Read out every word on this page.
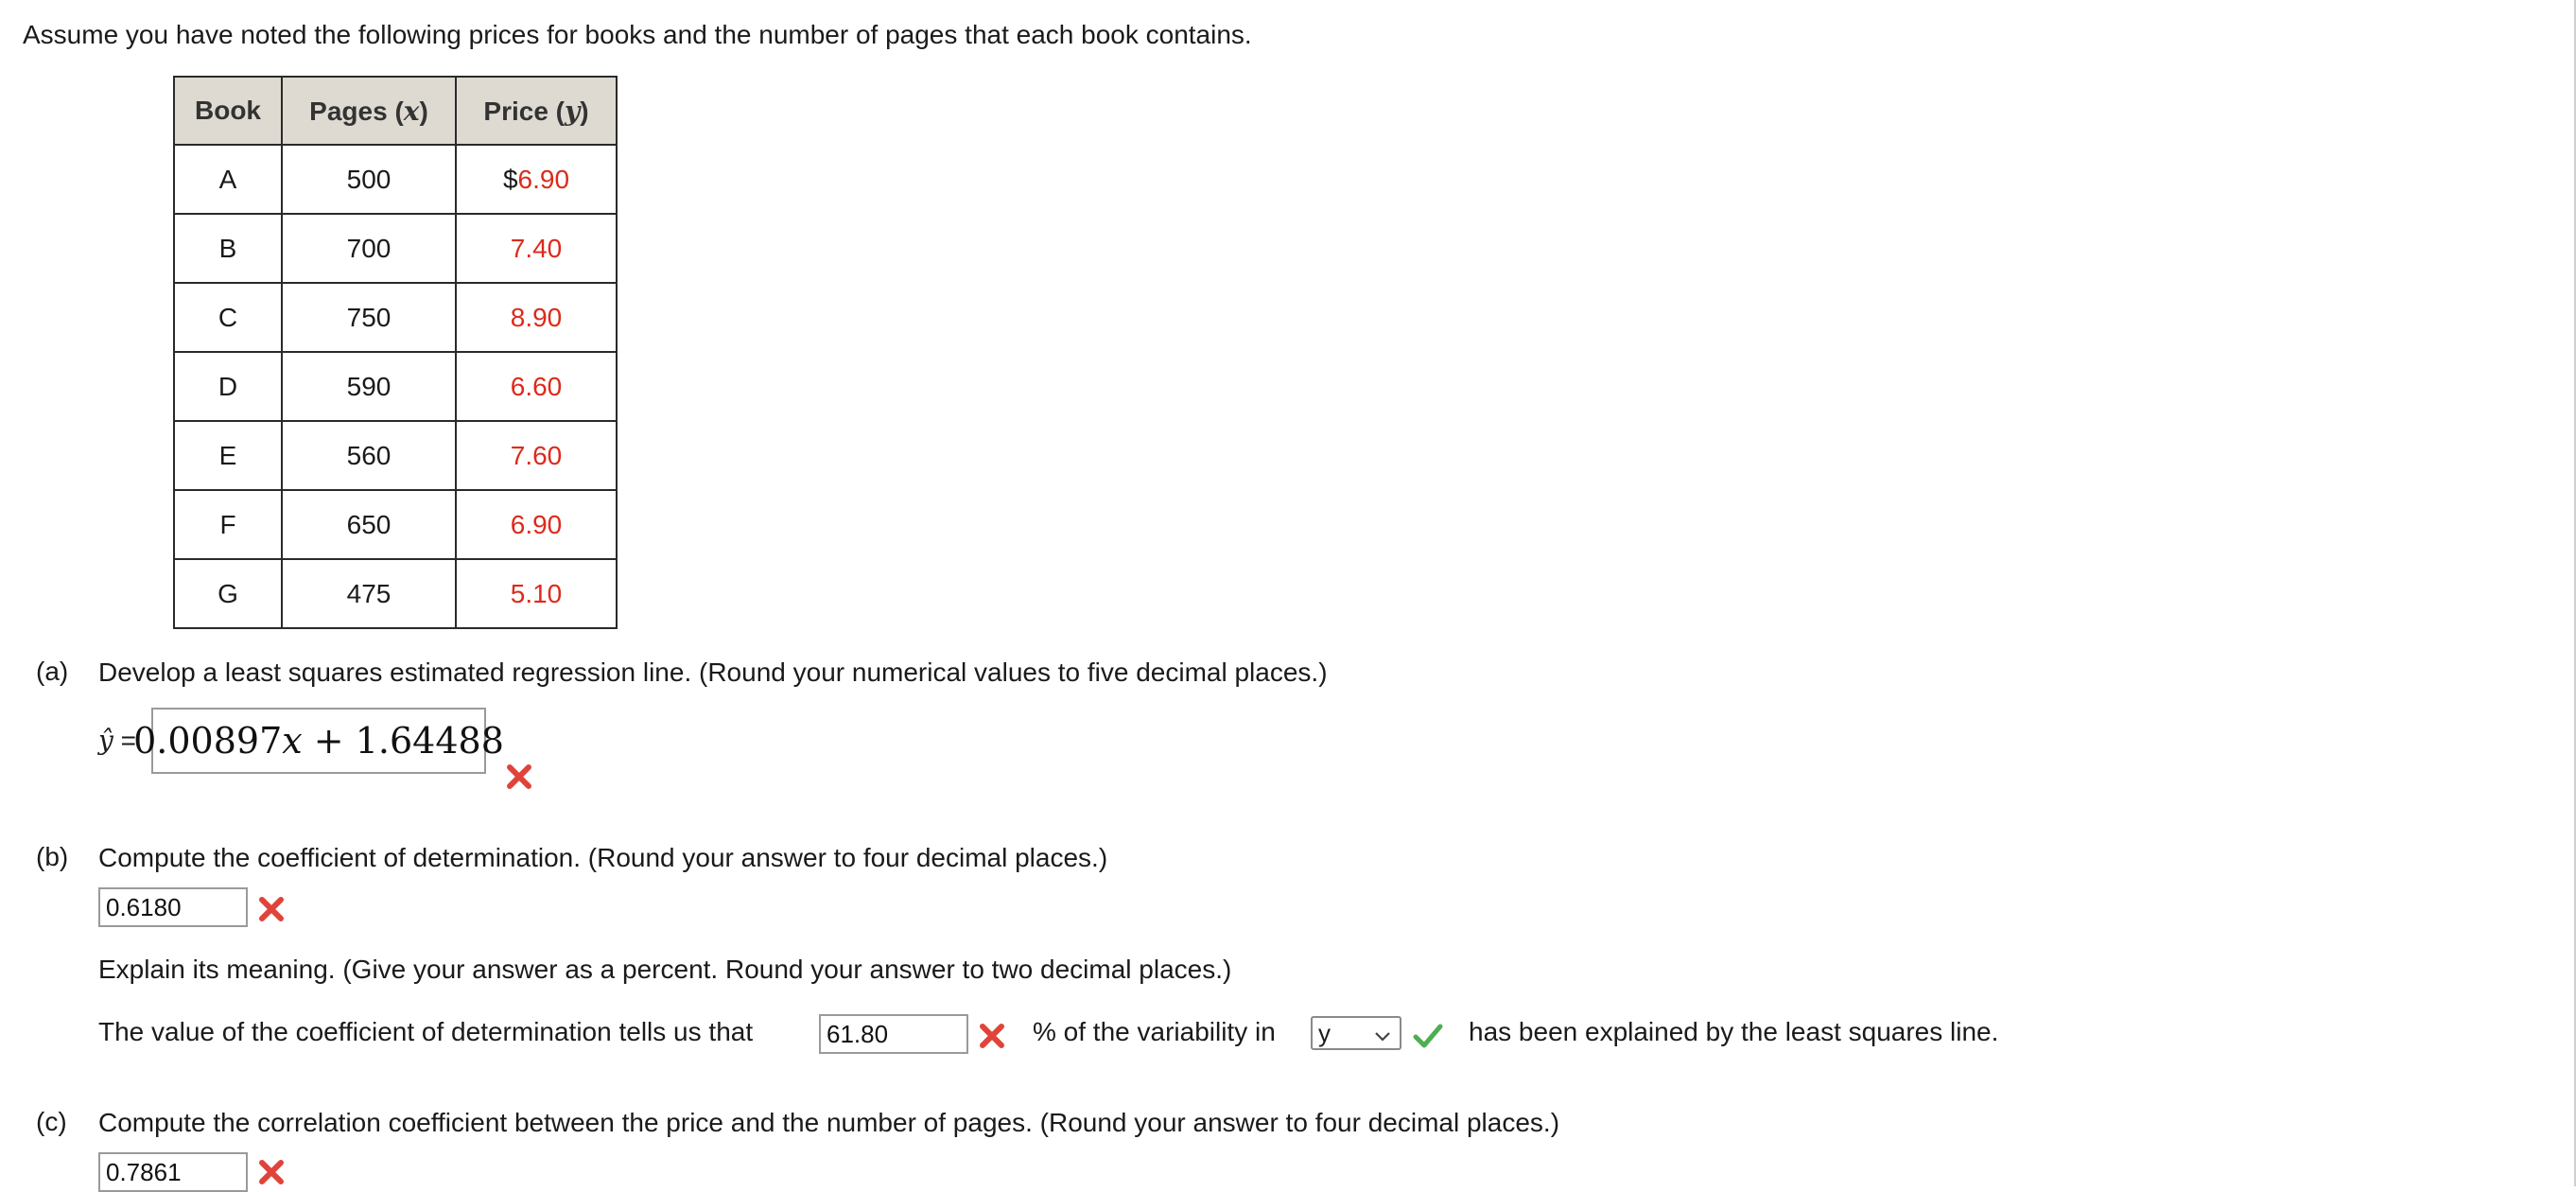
Assume you have noted the following prices for books and the number of pages that each book contains.
Book	Pages (x)	Price (y)
A	500	$6.90
B	700	7.40
C	750	8.90
D	590	6.60
E	560	7.60
F	650	6.90
G	475	5.10
(a) Develop a least squares estimated regression line. (Round your numerical values to five decimal places.)
ŷ =
0.00897 x
+
1.64488
(b) Compute the coefficient of determination. (Round your answer to four decimal places.)
0.6180
Explain its meaning. (Give your answer as a percent. Round your answer to two decimal places.)
The value of the coefficient of determination tells us that	61.80	% of the variability in	y	has been explained by the least squares line.
(c) Compute the correlation coefficient between the price and the number of pages. (Round your answer to four decimal places.)
0.7861
